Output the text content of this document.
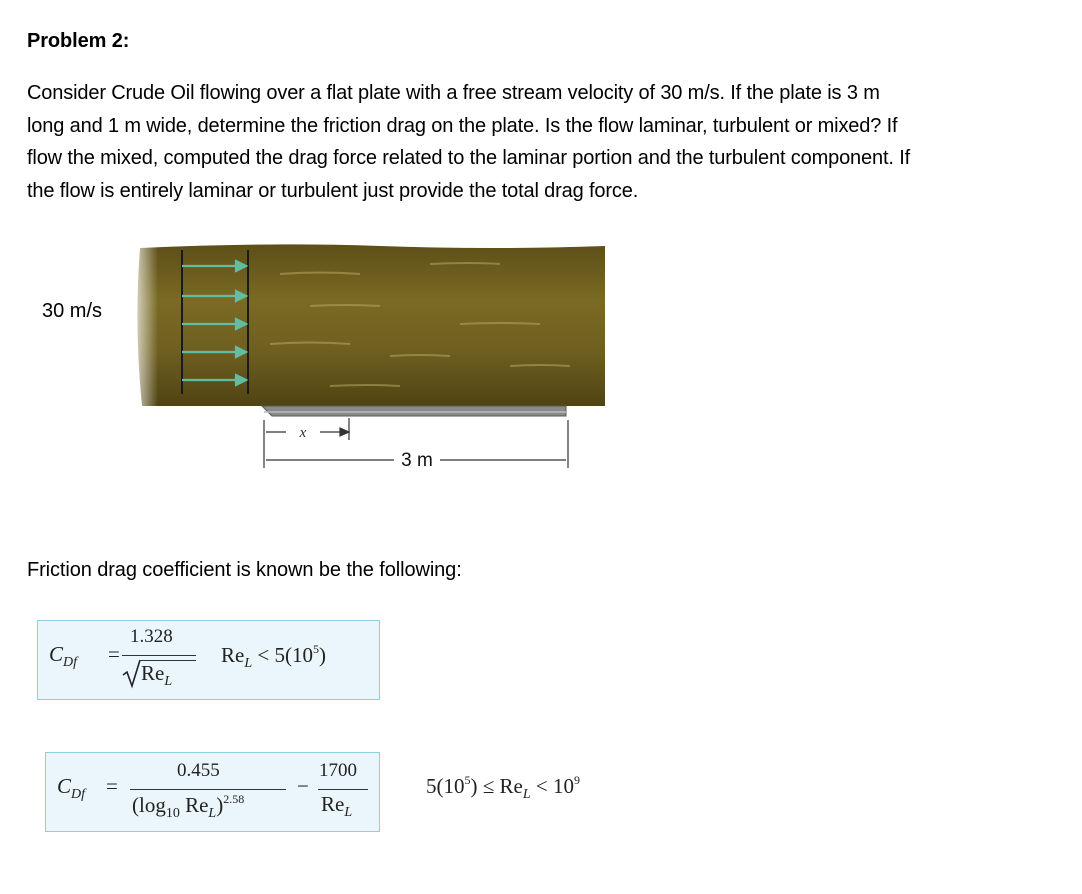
Problem 2:
Consider Crude Oil flowing over a flat plate with a free stream velocity of 30 m/s. If the plate is 3 m
long and 1 m wide, determine the friction drag on the plate. Is the flow laminar, turbulent or mixed? If
flow the mixed, computed the drag force related to the laminar portion and the turbulent component. If
the flow is entirely laminar or turbulent just provide the total drag force.
30 m/s
x
3 m
Friction drag coefficient is known be the following:
$C_{Df}$ =
1.328
$Re_L$
$Re_L < 5(10^5)$
$C_{Df}$ =
0.455
($\log_{10}$ $Re_L)^{2.58}$
−
1700
$Re_L$
$5(10^5) \le Re_L < 10^9$
